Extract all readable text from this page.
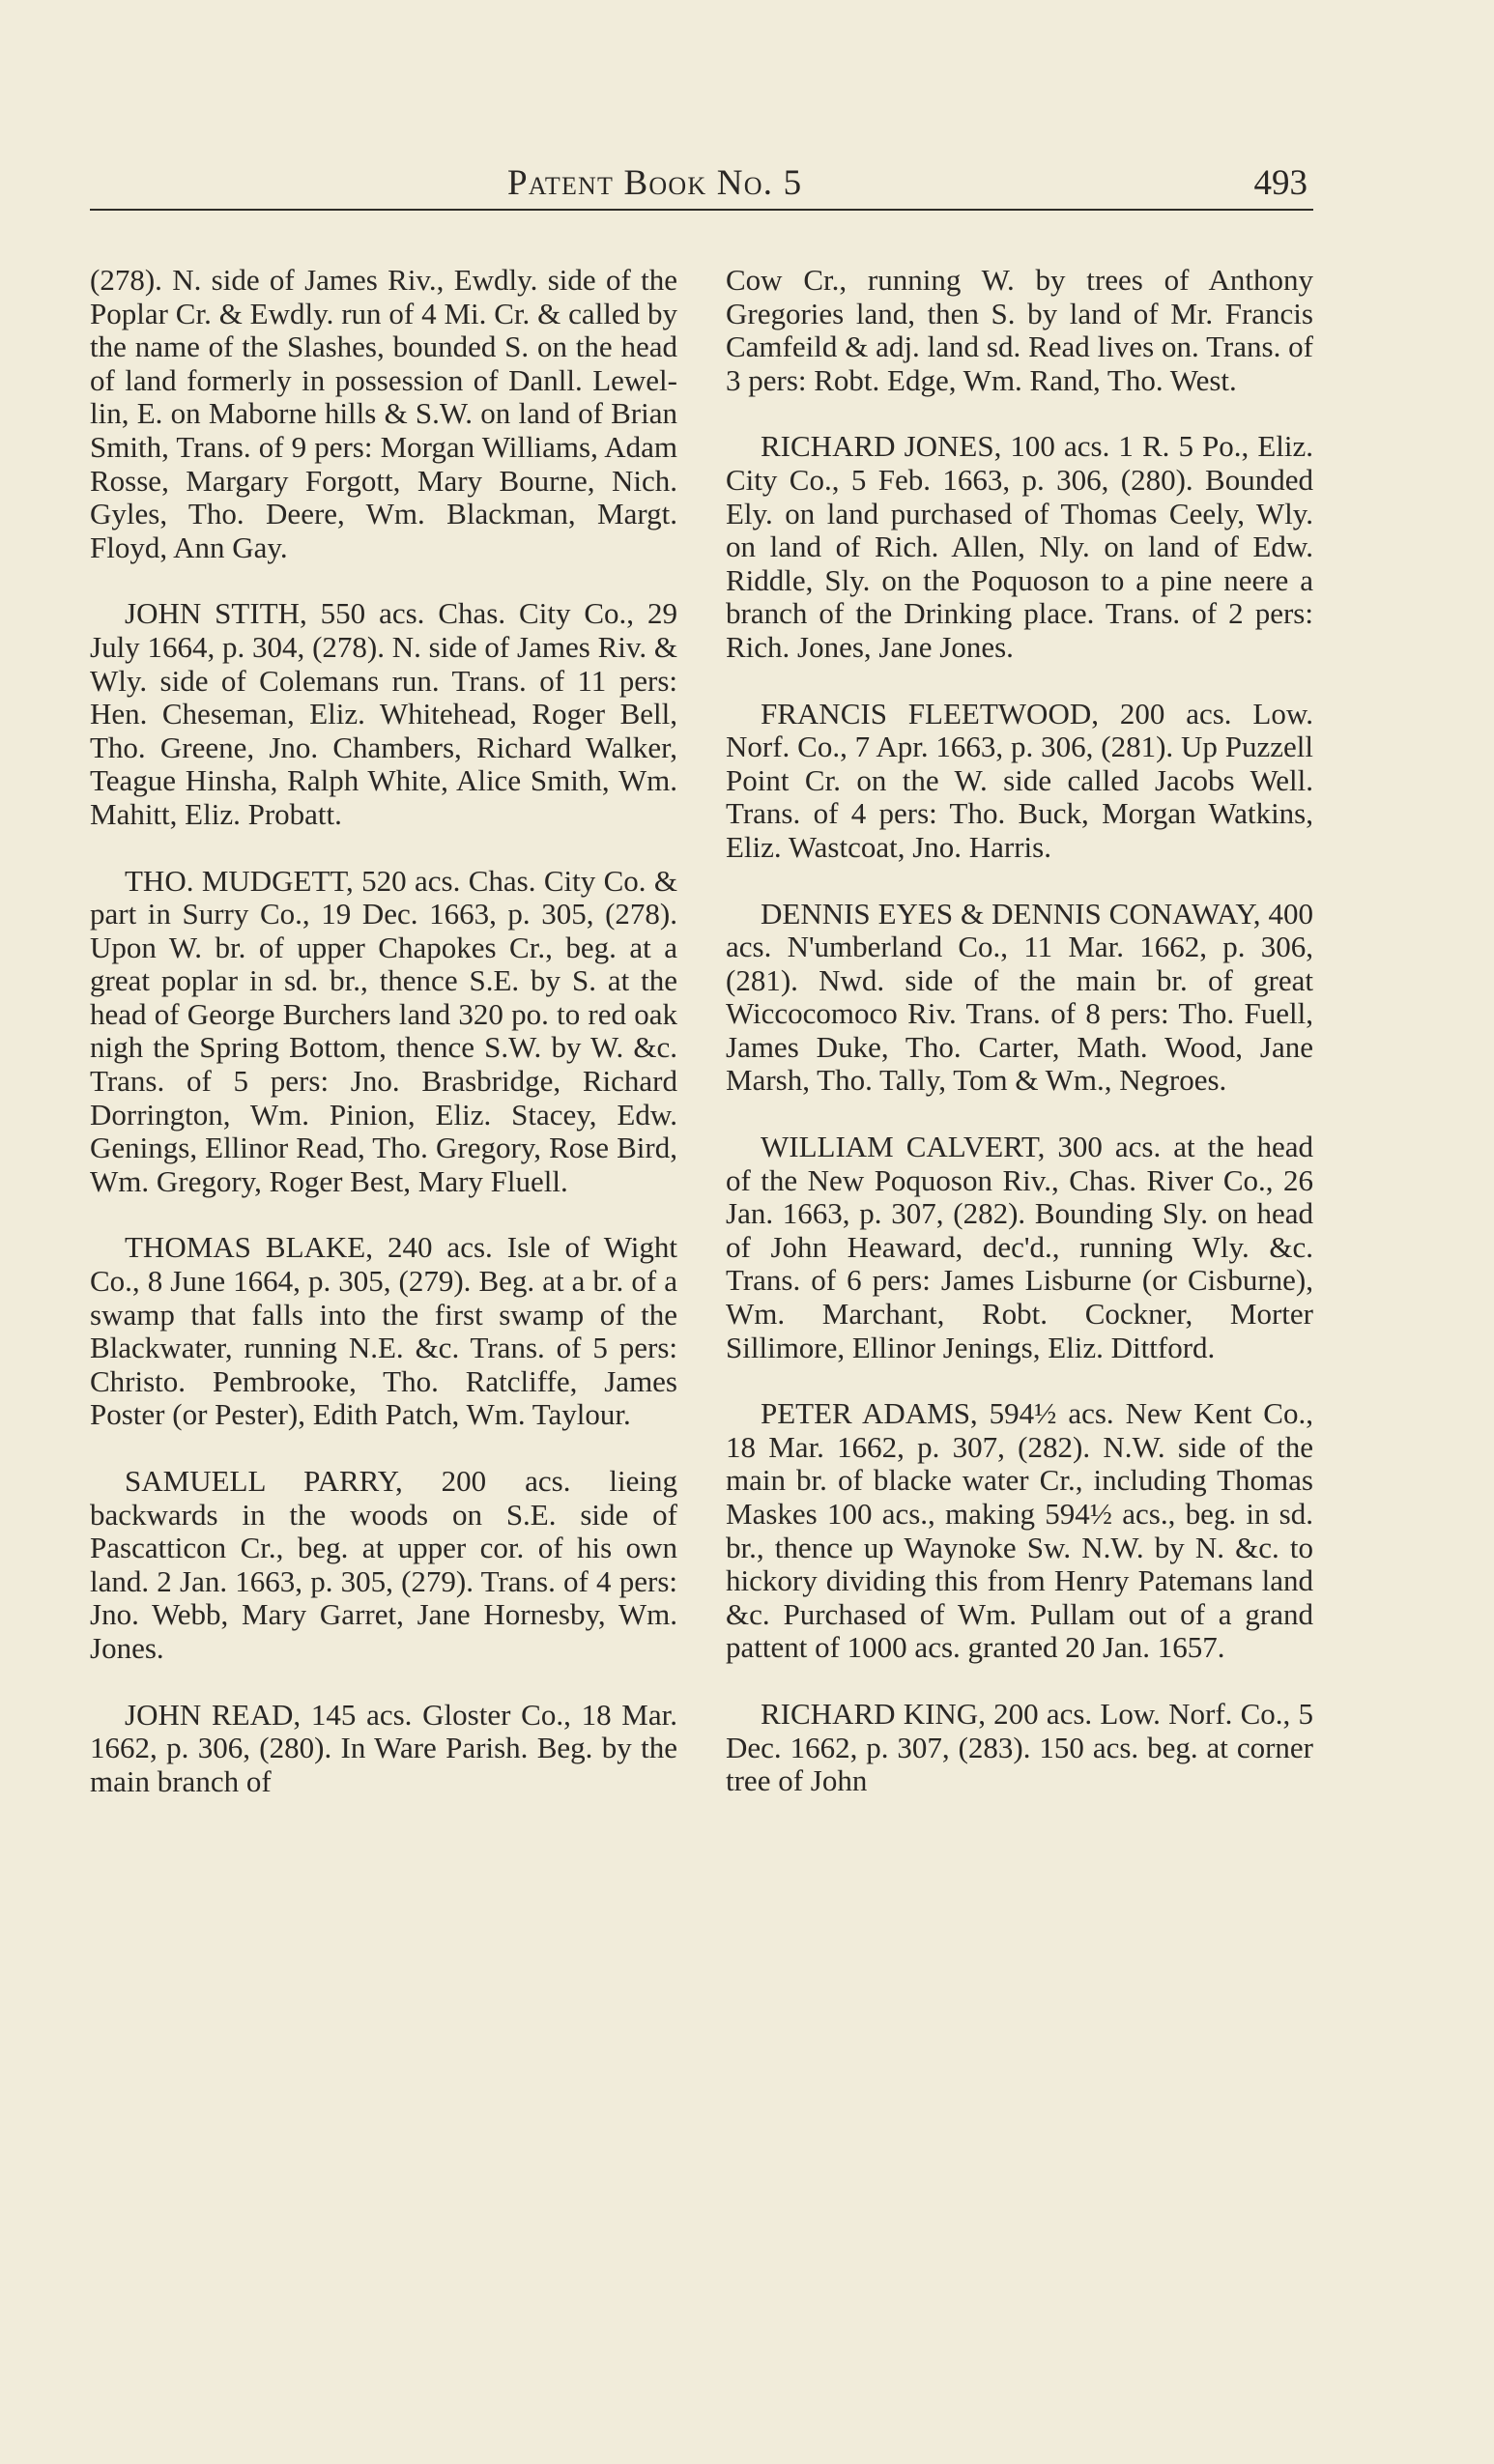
Patent Book No. 5	493

(278). N. side of James Riv., Ewdly. side of the Poplar Cr. & Ewdly. run of 4 Mi. Cr. & called by the name of the Slashes, bounded S. on the head of land formerly in possession of Danll. Lewellin, E. on Maborne hills & S.W. on land of Brian Smith, Trans. of 9 pers: Morgan Williams, Adam Rosse, Margary Forgott, Mary Bourne, Nich. Gyles, Tho. Deere, Wm. Blackman, Margt. Floyd, Ann Gay.

JOHN STITH, 550 acs. Chas. City Co., 29 July 1664, p. 304, (278). N. side of James Riv. & Wly. side of Colemans run. Trans. of 11 pers: Hen. Cheseman, Eliz. Whitehead, Roger Bell, Tho. Greene, Jno. Chambers, Richard Walker, Teague Hinsha, Ralph White, Alice Smith, Wm. Mahitt, Eliz. Probatt.

THO. MUDGETT, 520 acs. Chas. City Co. & part in Surry Co., 19 Dec. 1663, p. 305, (278). Upon W. br. of upper Chapokes Cr., beg. at a great poplar in sd. br., thence S.E. by S. at the head of George Burchers land 320 po. to red oak nigh the Spring Bottom, thence S.W. by W. &c. Trans. of 5 pers: Jno. Brasbridge, Richard Dorrington, Wm. Pinion, Eliz. Stacey, Edw. Genings, Ellinor Read, Tho. Gregory, Rose Bird, Wm. Gregory, Roger Best, Mary Fluell.

THOMAS BLAKE, 240 acs. Isle of Wight Co., 8 June 1664, p. 305, (279). Beg. at a br. of a swamp that falls into the first swamp of the Blackwater, running N.E. &c. Trans. of 5 pers: Christo. Pembrooke, Tho. Ratcliffe, James Poster (or Pester), Edith Patch, Wm. Taylour.

SAMUELL PARRY, 200 acs. lieing backwards in the woods on S.E. side of Pascatticon Cr., beg. at upper cor. of his own land. 2 Jan. 1663, p. 305, (279). Trans. of 4 pers: Jno. Webb, Mary Garret, Jane Hornesby, Wm. Jones.

JOHN READ, 145 acs. Gloster Co., 18 Mar. 1662, p. 306, (280). In Ware Parish. Beg. by the main branch of

Cow Cr., running W. by trees of Anthony Gregories land, then S. by land of Mr. Francis Camfeild & adj. land sd. Read lives on. Trans. of 3 pers: Robt. Edge, Wm. Rand, Tho. West.

RICHARD JONES, 100 acs. 1 R. 5 Po., Eliz. City Co., 5 Feb. 1663, p. 306, (280). Bounded Ely. on land purchased of Thomas Ceely, Wly. on land of Rich. Allen, Nly. on land of Edw. Riddle, Sly. on the Poquoson to a pine neere a branch of the Drinking place. Trans. of 2 pers: Rich. Jones, Jane Jones.

FRANCIS FLEETWOOD, 200 acs. Low. Norf. Co., 7 Apr. 1663, p. 306, (281). Up Puzzell Point Cr. on the W. side called Jacobs Well. Trans. of 4 pers: Tho. Buck, Morgan Watkins, Eliz. Wastcoat, Jno. Harris.

DENNIS EYES & DENNIS CONAWAY, 400 acs. N'umberland Co., 11 Mar. 1662, p. 306, (281). Nwd. side of the main br. of great Wiccocomoco Riv. Trans. of 8 pers: Tho. Fuell, James Duke, Tho. Carter, Math. Wood, Jane Marsh, Tho. Tally, Tom & Wm., Negroes.

WILLIAM CALVERT, 300 acs. at the head of the New Poquoson Riv., Chas. River Co., 26 Jan. 1663, p. 307, (282). Bounding Sly. on head of John Heaward, dec'd., running Wly. &c. Trans. of 6 pers: James Lisburne (or Cisburne), Wm. Marchant, Robt. Cockner, Morter Sillimore, Ellinor Jenings, Eliz. Dittford.

PETER ADAMS, 594½ acs. New Kent Co., 18 Mar. 1662, p. 307, (282). N.W. side of the main br. of blacke water Cr., including Thomas Maskes 100 acs., making 594½ acs., beg. in sd. br., thence up Waynoke Sw. N.W. by N. &c. to hickory dividing this from Henry Patemans land &c. Purchased of Wm. Pullam out of a grand pattent of 1000 acs. granted 20 Jan. 1657.

RICHARD KING, 200 acs. Low. Norf. Co., 5 Dec. 1662, p. 307, (283). 150 acs. beg. at corner tree of John
